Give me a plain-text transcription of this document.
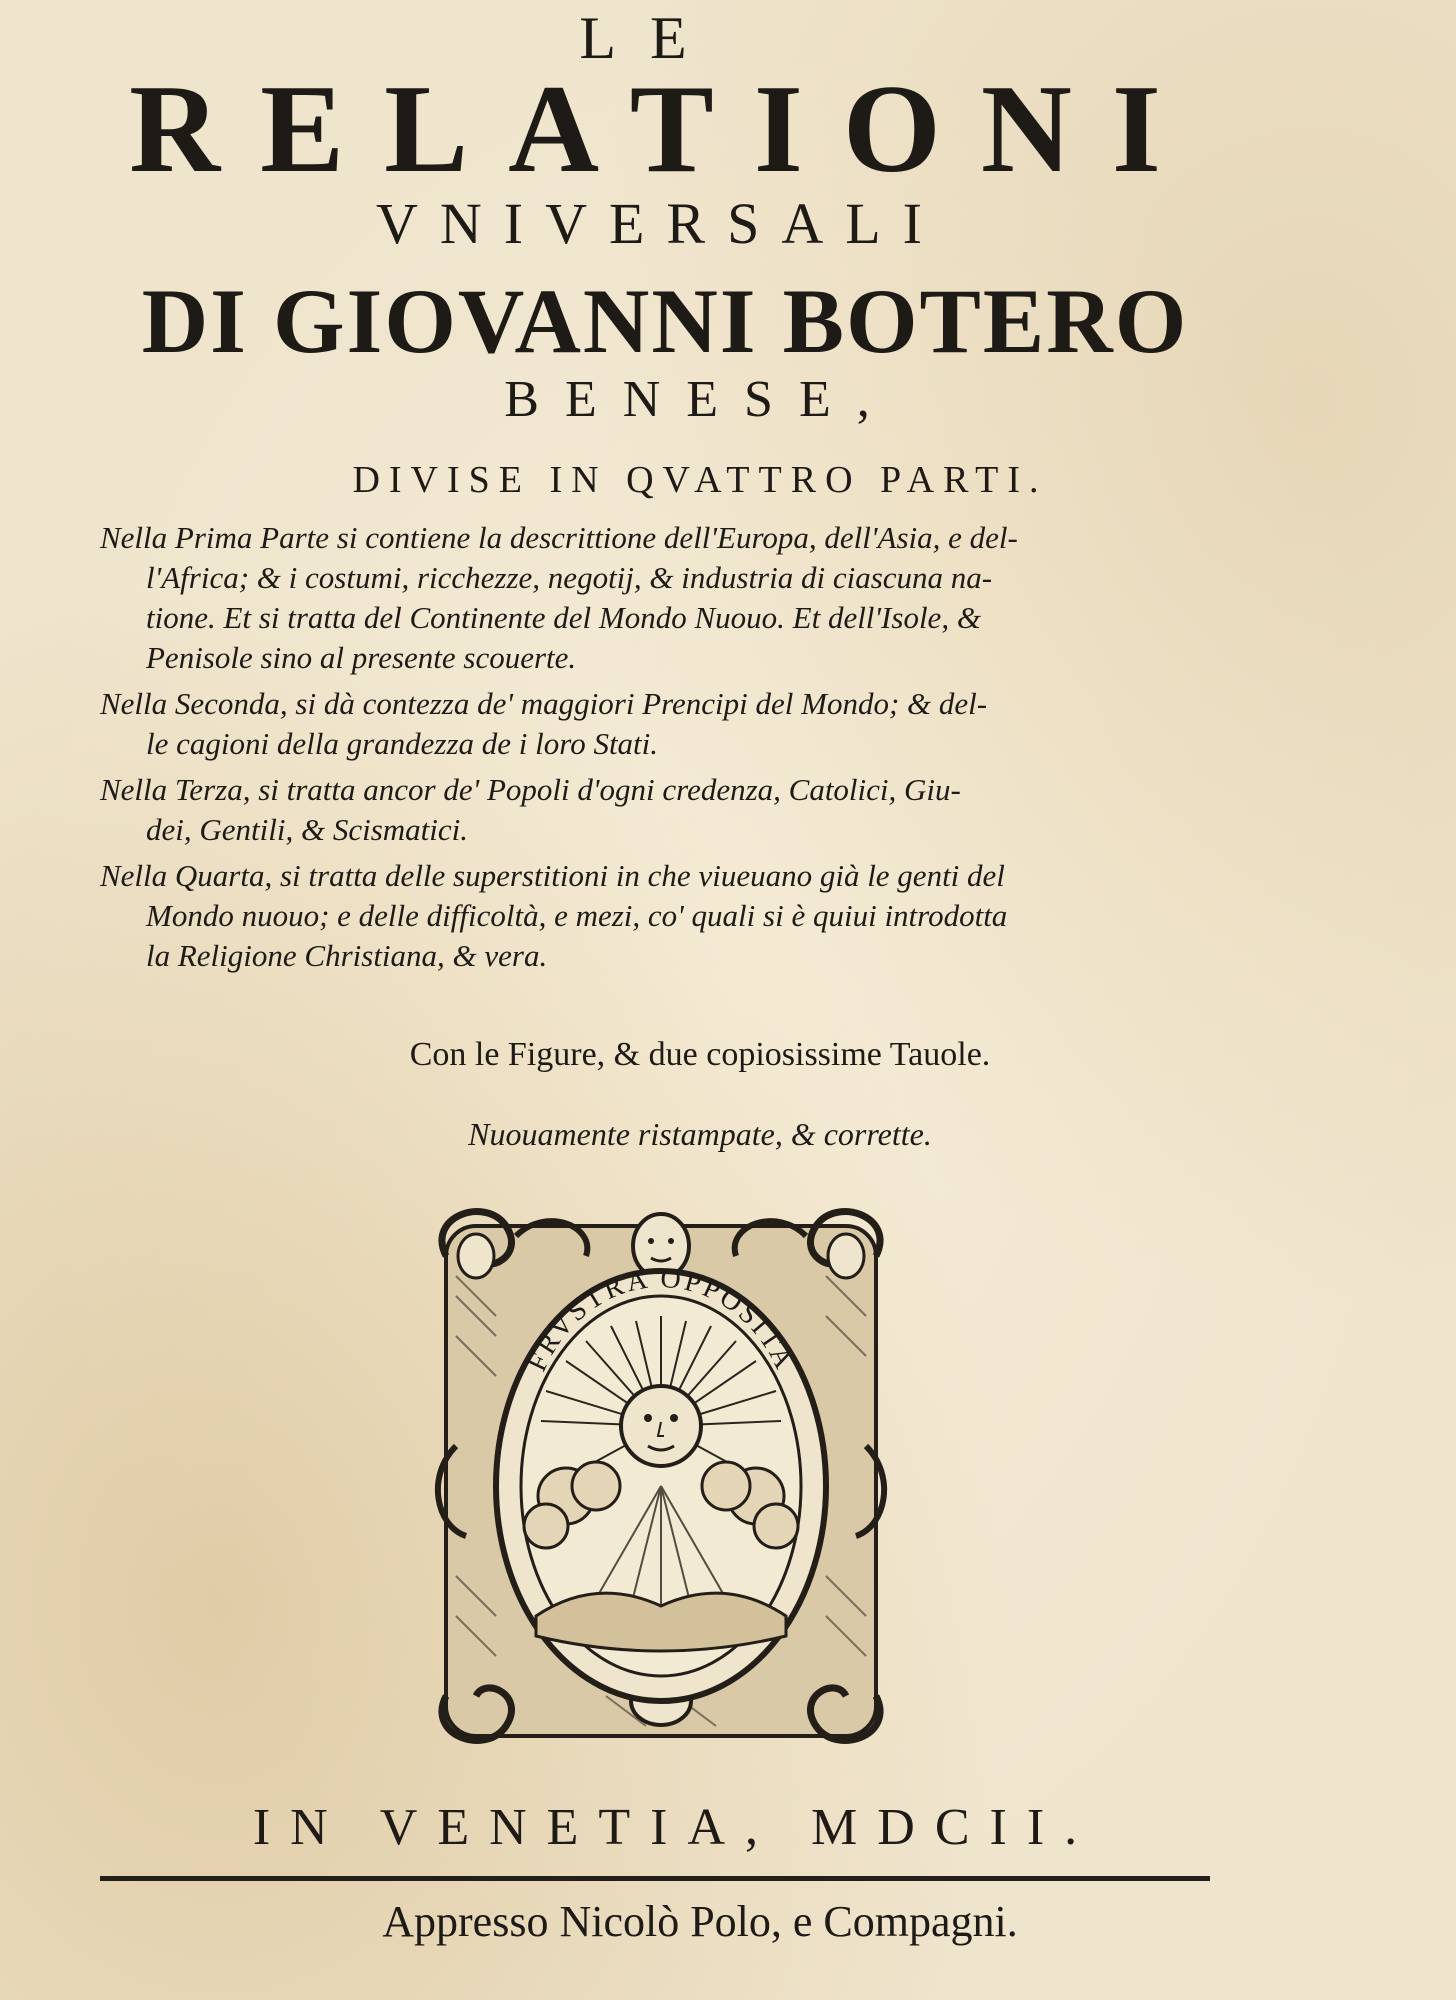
LE
RELATIONI
VNIVERSALI
DI GIOVANNI BOTERO
BENESE,
DIVISE IN QVATTRO PARTI.

Nella Prima Parte si contiene la descrittione dell'Europa, dell'Asia, e del-
l'Africa; & i costumi, ricchezze, negotij, & industria di ciascuna na-
tione. Et si tratta del Continente del Mondo Nuouo. Et dell'Isole, &
Penisole sino al presente scouerte.

Nella Seconda, si dà contezza de' maggiori Prencipi del Mondo; & del-
le cagioni della grandezza de i loro Stati.

Nella Terza, si tratta ancor de' Popoli d'ogni credenza, Catolici, Giu-
dei, Gentili, & Scismatici.

Nella Quarta, si tratta delle superstitioni in che viueuano già le genti del
Mondo nuouo; e delle difficoltà, e mezi, co' quali si è quiui introdotta
la Religione Christiana, & vera.

Con le Figure, & due copiosissime Tauole.
Nuouamente ristampate, & corrette.
FRVSTRA OPPOSITA
IN VENETIA, MDCII.
Appresso Nicolò Polo, e Compagni.
